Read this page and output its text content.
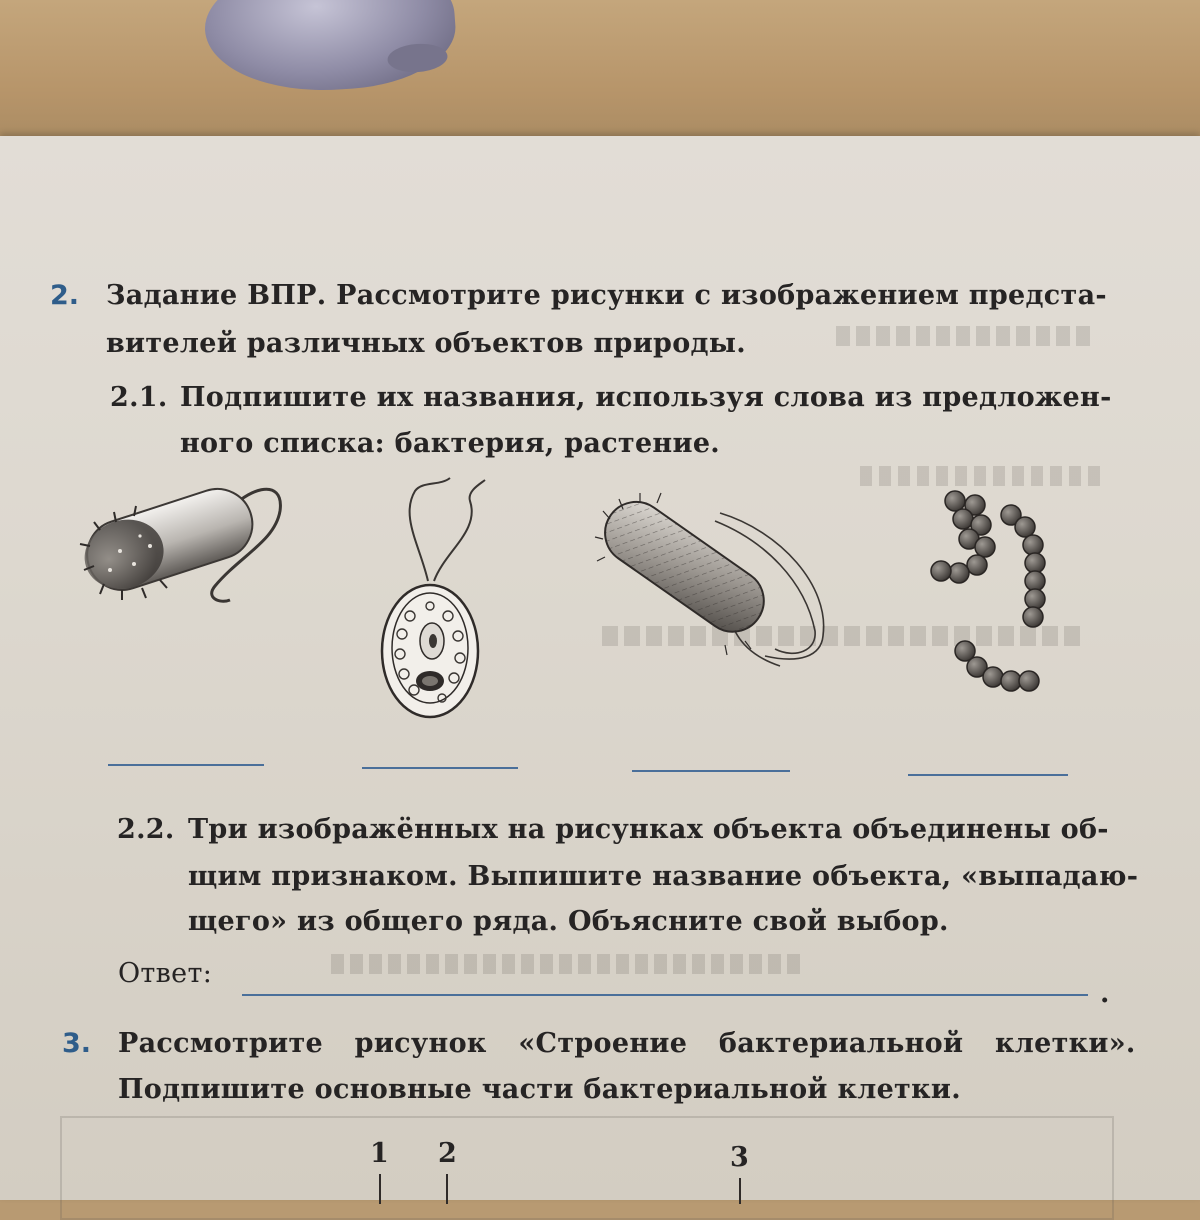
2. Задание ВПР. Рассмотрите рисунки с изображением предста-
вителей различных объектов природы.
2.1. Подпишите их названия, используя слова из предложен-
ного списка: бактерия, растение.
2.2. Три изображённых на рисунках объекта объединены об-
щим признаком. Выпишите название объекта, «выпадаю-
щего» из общего ряда. Объясните свой выбор.
Ответ:
.
3. Рассмотрите рисунок «Строение бактериальной клетки».
Подпишите основные части бактериальной клетки.
1 2	3
